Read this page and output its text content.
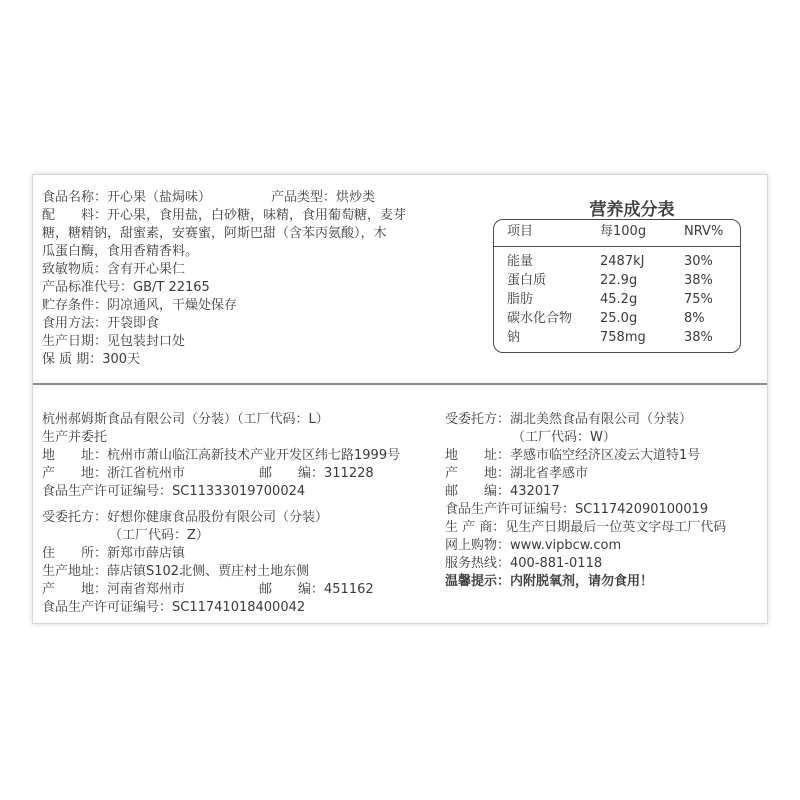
食品名称：开心果（盐焗味）	产品类型：烘炒类
配　　料：开心果，食用盐，白砂糖，味精，食用葡萄糖，麦芽
糖，糖精钠，甜蜜素，安赛蜜，阿斯巴甜（含苯丙氨酸），木
瓜蛋白酶，食用香精香料。
致敏物质：含有开心果仁
产品标准代号：GB/T 22165
贮存条件：阴凉通风，干燥处保存
食用方法：开袋即食
生产日期：见包装封口处
保 质 期：300天
营养成分表
项目	每100g	NRV%
能量	2487kJ	30%
蛋白质	22.9g	38%
脂肪	45.2g	75%
碳水化合物 25.0g	8%
钠	758mg	38%
杭州郝姆斯食品有限公司（分装）（工厂代码：L）
生产并委托
地　　址：杭州市萧山临江高新技术产业开发区纬七路1999号
产　　地：浙江省杭州市	邮　　编：311228
食品生产许可证编号：SC11333019700024
受委托方：好想你健康食品股份有限公司（分装）
（工厂代码：Z）
住　　所：新郑市薛店镇
生产地址：薛店镇S102北侧、贾庄村土地东侧
产　　地：河南省郑州市	邮　　编：451162
食品生产许可证编号：SC11741018400042
受委托方：湖北美然食品有限公司（分装）
（工厂代码：W）
地　　址：孝感市临空经济区凌云大道特1号
产　　地：湖北省孝感市
邮　　编：432017
食品生产许可证编号：SC11742090100019
生 产 商：见生产日期最后一位英文字母工厂代码
网上购物：www.vipbcw.com
服务热线：400-881-0118
温馨提示：内附脱氧剂，请勿食用！
